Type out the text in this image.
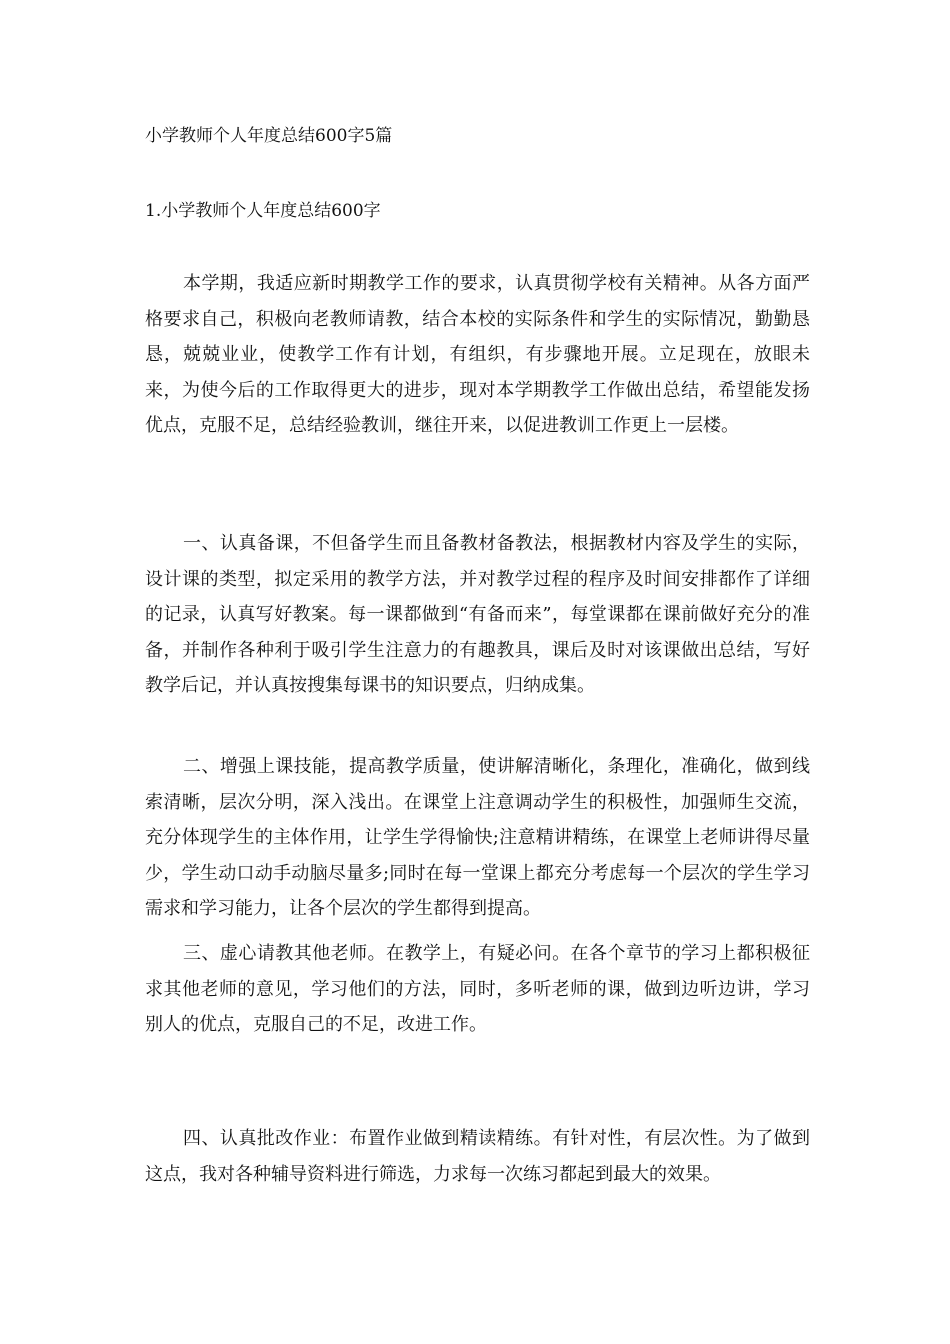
小学教师个人年度总结600字5篇
1.小学教师个人年度总结600字

本学期，我适应新时期教学工作的要求，认真贯彻学校有关精神。从各方面严格要求自己，积极向老教师请教，结合本校的实际条件和学生的实际情况，勤勤恳恳，兢兢业业，使教学工作有计划，有组织，有步骤地开展。立足现在，放眼未来，为使今后的工作取得更大的进步，现对本学期教学工作做出总结，希望能发扬优点，克服不足，总结经验教训，继往开来，以促进教训工作更上一层楼。

一、认真备课，不但备学生而且备教材备教法，根据教材内容及学生的实际，设计课的类型，拟定采用的教学方法，并对教学过程的程序及时间安排都作了详细的记录，认真写好教案。每一课都做到“有备而来”，每堂课都在课前做好充分的准备，并制作各种利于吸引学生注意力的有趣教具，课后及时对该课做出总结，写好教学后记，并认真按搜集每课书的知识要点，归纳成集。

二、增强上课技能，提高教学质量，使讲解清晰化，条理化，准确化，做到线索清晰，层次分明，深入浅出。在课堂上注意调动学生的积极性，加强师生交流，充分体现学生的主体作用，让学生学得愉快;注意精讲精练，在课堂上老师讲得尽量少，学生动口动手动脑尽量多;同时在每一堂课上都充分考虑每一个层次的学生学习需求和学习能力，让各个层次的学生都得到提高。

三、虚心请教其他老师。在教学上，有疑必问。在各个章节的学习上都积极征求其他老师的意见，学习他们的方法，同时，多听老师的课，做到边听边讲，学习别人的优点，克服自己的不足，改进工作。

四、认真批改作业：布置作业做到精读精练。有针对性，有层次性。为了做到这点，我对各种辅导资料进行筛选，力求每一次练习都起到最大的效果。
